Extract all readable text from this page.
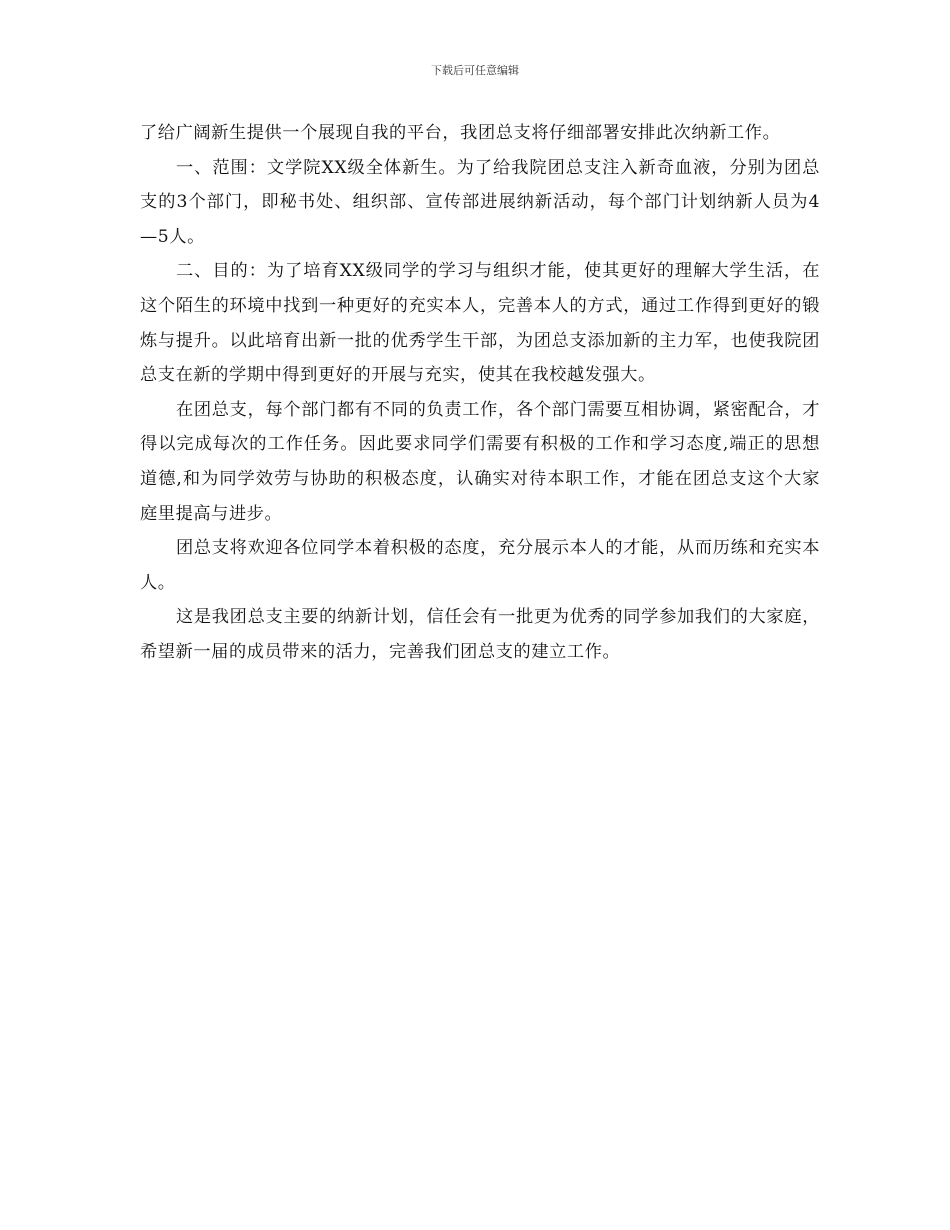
下载后可任意编辑

了给广阔新生提供一个展现自我的平台，我团总支将仔细部署安排此次纳新工作。

一、范围：文学院XX级全体新生。为了给我院团总支注入新奇血液，分别为团总支的3个部门，即秘书处、组织部、宣传部进展纳新活动，每个部门计划纳新人员为4—5人。

二、目的：为了培育XX级同学的学习与组织才能，使其更好的理解大学生活，在这个陌生的环境中找到一种更好的充实本人，完善本人的方式，通过工作得到更好的锻炼与提升。以此培育出新一批的优秀学生干部，为团总支添加新的主力军，也使我院团总支在新的学期中得到更好的开展与充实，使其在我校越发强大。

在团总支，每个部门都有不同的负责工作，各个部门需要互相协调，紧密配合，才得以完成每次的工作任务。因此要求同学们需要有积极的工作和学习态度,端正的思想道德,和为同学效劳与协助的积极态度，认确实对待本职工作，才能在团总支这个大家庭里提高与进步。

团总支将欢迎各位同学本着积极的态度，充分展示本人的才能，从而历练和充实本人。

这是我团总支主要的纳新计划，信任会有一批更为优秀的同学参加我们的大家庭，希望新一届的成员带来的活力，完善我们团总支的建立工作。
